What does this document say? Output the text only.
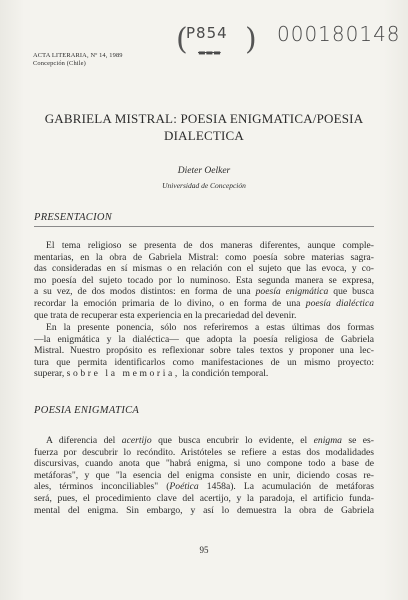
ACTA LITERARIA, Nº 14, 1989
Concepción (Chile)
(
P854
▬▬▬ ) 000180148
GABRIELA MISTRAL: POESIA ENIGMATICA/POESIA
DIALECTICA
Dieter Oelker
Universidad de Concepción
PRESENTACION
El tema religioso se presenta de dos maneras diferentes, aunque comple-
mentarias, en la obra de Gabriela Mistral: como poesía sobre materias sagra-
das consideradas en sí mismas o en relación con el sujeto que las evoca, y co-
mo poesía del sujeto tocado por lo numinoso. Esta segunda manera se expresa,
a su vez, de dos modos distintos: en forma de una poesía enigmática que busca
recordar la emoción primaria de lo divino, o en forma de una poesía dialéctica
que trata de recuperar esta experiencia en la precariedad del devenir.
En la presente ponencia, sólo nos referiremos a estas últimas dos formas
—la enigmática y la dialéctica— que adopta la poesía religiosa de Gabriela
Mistral. Nuestro propósito es reflexionar sobre tales textos y proponer una lec-
tura que permita identificarlos como manifestaciones de un mismo proyecto:
superar, sobre la memoria, la condición temporal.
POESIA ENIGMATICA
A diferencia del acertijo que busca encubrir lo evidente, el enigma se es-
fuerza por descubrir lo recóndito. Aristóteles se refiere a estas dos modalidades
discursivas, cuando anota que "habrá enigma, si uno compone todo a base de
metáforas", y que "la esencia del enigma consiste en unir, diciendo cosas re-
ales, términos inconciliables" (Poética 1458a). La acumulación de metáforas
será, pues, el procedimiento clave del acertijo, y la paradoja, el artificio funda-
mental del enigma. Sin embargo, y así lo demuestra la obra de Gabriela
95
